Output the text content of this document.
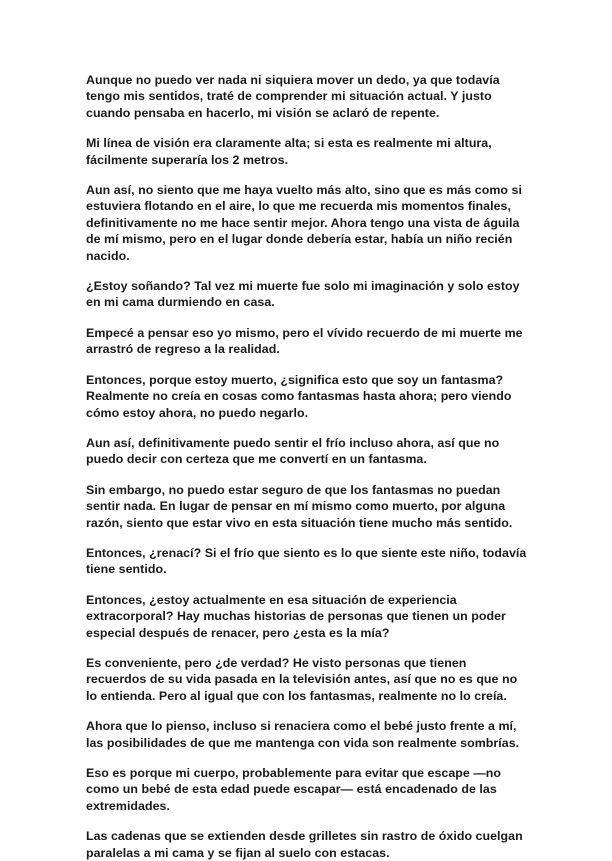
Aunque no puedo ver nada ni siquiera mover un dedo, ya que todavía tengo mis sentidos, traté de comprender mi situación actual. Y justo cuando pensaba en hacerlo, mi visión se aclaró de repente.

Mi línea de visión era claramente alta; si esta es realmente mi altura, fácilmente superaría los 2 metros.

Aun así, no siento que me haya vuelto más alto, sino que es más como si estuviera flotando en el aire, lo que me recuerda mis momentos finales, definitivamente no me hace sentir mejor. Ahora tengo una vista de águila de mí mismo, pero en el lugar donde debería estar, había un niño recién nacido.

¿Estoy soñando? Tal vez mi muerte fue solo mi imaginación y solo estoy en mi cama durmiendo en casa.

Empecé a pensar eso yo mismo, pero el vívido recuerdo de mi muerte me arrastró de regreso a la realidad.

Entonces, porque estoy muerto, ¿significa esto que soy un fantasma? Realmente no creía en cosas como fantasmas hasta ahora; pero viendo cómo estoy ahora, no puedo negarlo.

Aun así, definitivamente puedo sentir el frío incluso ahora, así que no puedo decir con certeza que me convertí en un fantasma.

Sin embargo, no puedo estar seguro de que los fantasmas no puedan sentir nada. En lugar de pensar en mí mismo como muerto, por alguna razón, siento que estar vivo en esta situación tiene mucho más sentido.

Entonces, ¿renací? Si el frío que siento es lo que siente este niño, todavía tiene sentido.

Entonces, ¿estoy actualmente en esa situación de experiencia extracorporal? Hay muchas historias de personas que tienen un poder especial después de renacer, pero ¿esta es la mía?

Es conveniente, pero ¿de verdad? He visto personas que tienen recuerdos de su vida pasada en la televisión antes, así que no es que no lo entienda. Pero al igual que con los fantasmas, realmente no lo creía.

Ahora que lo pienso, incluso si renaciera como el bebé justo frente a mí, las posibilidades de que me mantenga con vida son realmente sombrías.

Eso es porque mi cuerpo, probablemente para evitar que escape —no como un bebé de esta edad puede escapar— está encadenado de las extremidades.

Las cadenas que se extienden desde grilletes sin rastro de óxido cuelgan paralelas a mi cama y se fijan al suelo con estacas.
